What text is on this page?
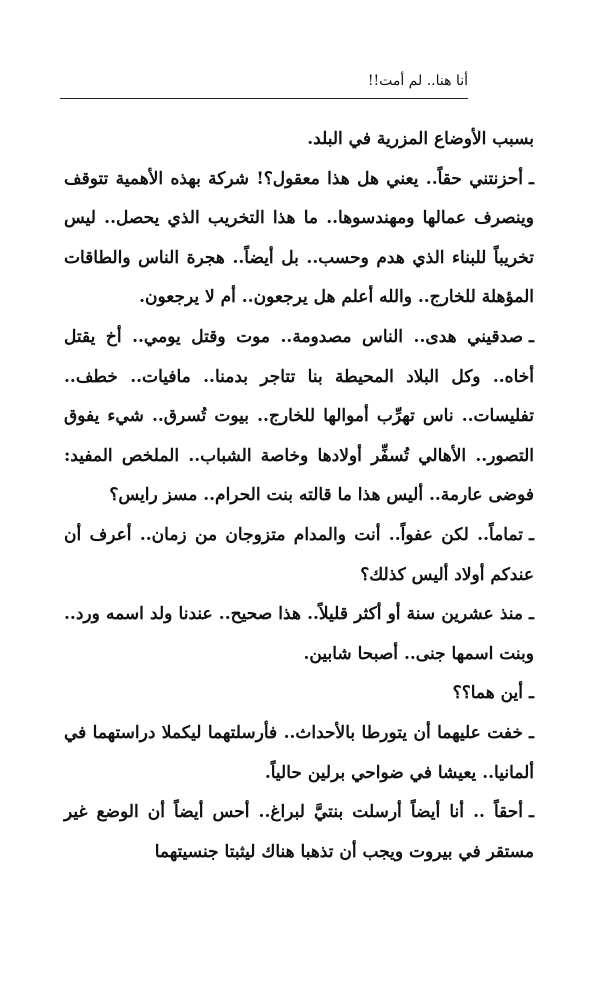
أنا هنا.. لم أمت!!

بسبب الأوضاع المزرية في البلد.

ـأحزنتني حقاً.. يعني هل هذا معقول؟! شركة بهذه الأهمية تتوقف وينصرف عمالها ومهندسوها.. ما هذا التخريب الذي يحصل.. ليس تخريباً للبناء الذي هدم وحسب.. بل أيضاً.. هجرة الناس والطاقات المؤهلة للخارج.. والله أعلم هل يرجعون.. أم لا يرجعون.

ـصدقيني هدى.. الناس مصدومة.. موت وقتل يومي.. أخ يقتل أخاه.. وكل البلاد المحيطة بنا تتاجر بدمنا.. مافيات.. خطف.. تفليسات.. ناس تهرِّب أموالها للخارج.. بيوت تُسرق.. شيء يفوق التصور.. الأهالي تُسفِّر أولادها وخاصة الشباب.. الملخص المفيد: فوضى عارمة.. أليس هذا ما قالته بنت الحرام.. مسز رايس؟

ـتماماً.. لكن عفواً.. أنت والمدام متزوجان من زمان.. أعرف أن عندكم أولاد أليس كذلك؟

ـمنذ عشرين سنة أو أكثر قليلاً.. هذا صحيح.. عندنا ولد اسمه ورد.. وبنت اسمها جنى.. أصبحا شابين.

ـأين هما؟؟

ـخفت عليهما أن يتورطا بالأحداث.. فأرسلتهما ليكملا دراستهما في ألمانيا.. يعيشا في ضواحي برلين حالياً.

ـأحقاً .. أنا أيضاً أرسلت بنتيَّ لبراغ.. أحس أيضاً أن الوضع غير مستقر في بيروت ويجب أن تذهبا هناك ليثبتا جنسيتهما
